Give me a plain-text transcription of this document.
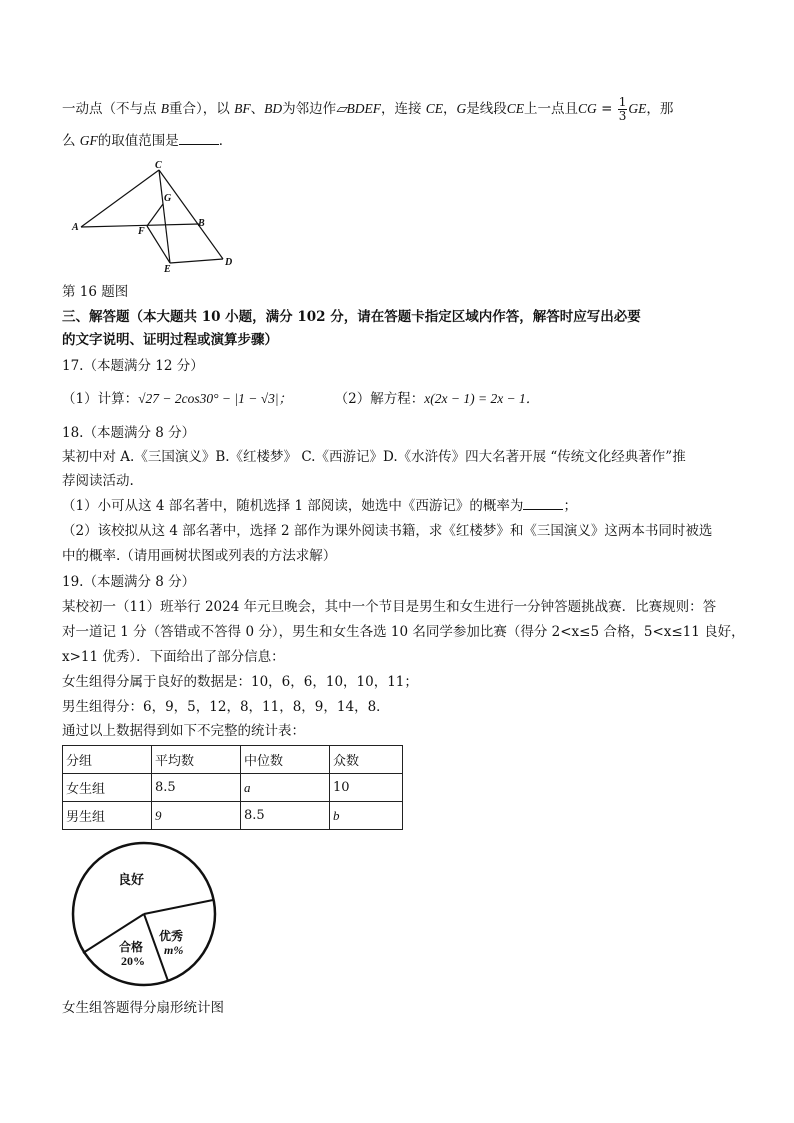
一动点（不与点 B重合），以 BF、BD为邻边作▱BDEF，连接 CE，G是线段CE上一点且CG = $\frac{1}{3}$ GE，那
么 GF的取值范围是	．
C
G
A	F
B
E
D
第 16 题图
三、解答题（本大题共 10 小题，满分 102 分，请在答题卡指定区域内作答，解答时应写出必要
的文字说明、证明过程或演算步骤）
17.（本题满分 12 分）
（1）计算：√27 − 2cos30° − |1 − √3|；	（2）解方程：x(2x − 1) = 2x − 1．
18.（本题满分 8 分）
某初中对 A.《三国演义》B.《红楼梦》 C.《西游记》D.《水浒传》四大名著开展 “传统文化经典著作”推
荐阅读活动.
（1）小可从这 4 部名著中，随机选择 1 部阅读，她选中《西游记》的概率为	；
（2）该校拟从这 4 部名著中，选择 2 部作为课外阅读书籍，求《红楼梦》和《三国演义》这两本书同时被选
中的概率.（请用画树状图或列表的方法求解）
19.（本题满分 8 分）
某校初一（11）班举行 2024 年元旦晚会，其中一个节目是男生和女生进行一分钟答题挑战赛．比赛规则：答
对一道记 1 分（答错或不答得 0 分），男生和女生各选 10 名同学参加比赛（得分 2<x≤5 合格，5<x≤11 良好，
x>11 优秀）．下面给出了部分信息：
女生组得分属于良好的数据是：10，6，6，10，10，11；
男生组得分：6，9，5，12，8，11，8，9，14，8．
通过以上数据得到如下不完整的统计表：
分组	平均数	中位数	众数
女生组	8.5	a	10
男生组	9	8.5	b
良好
优秀
m%
合格
20%
女生组答题得分扇形统计图
